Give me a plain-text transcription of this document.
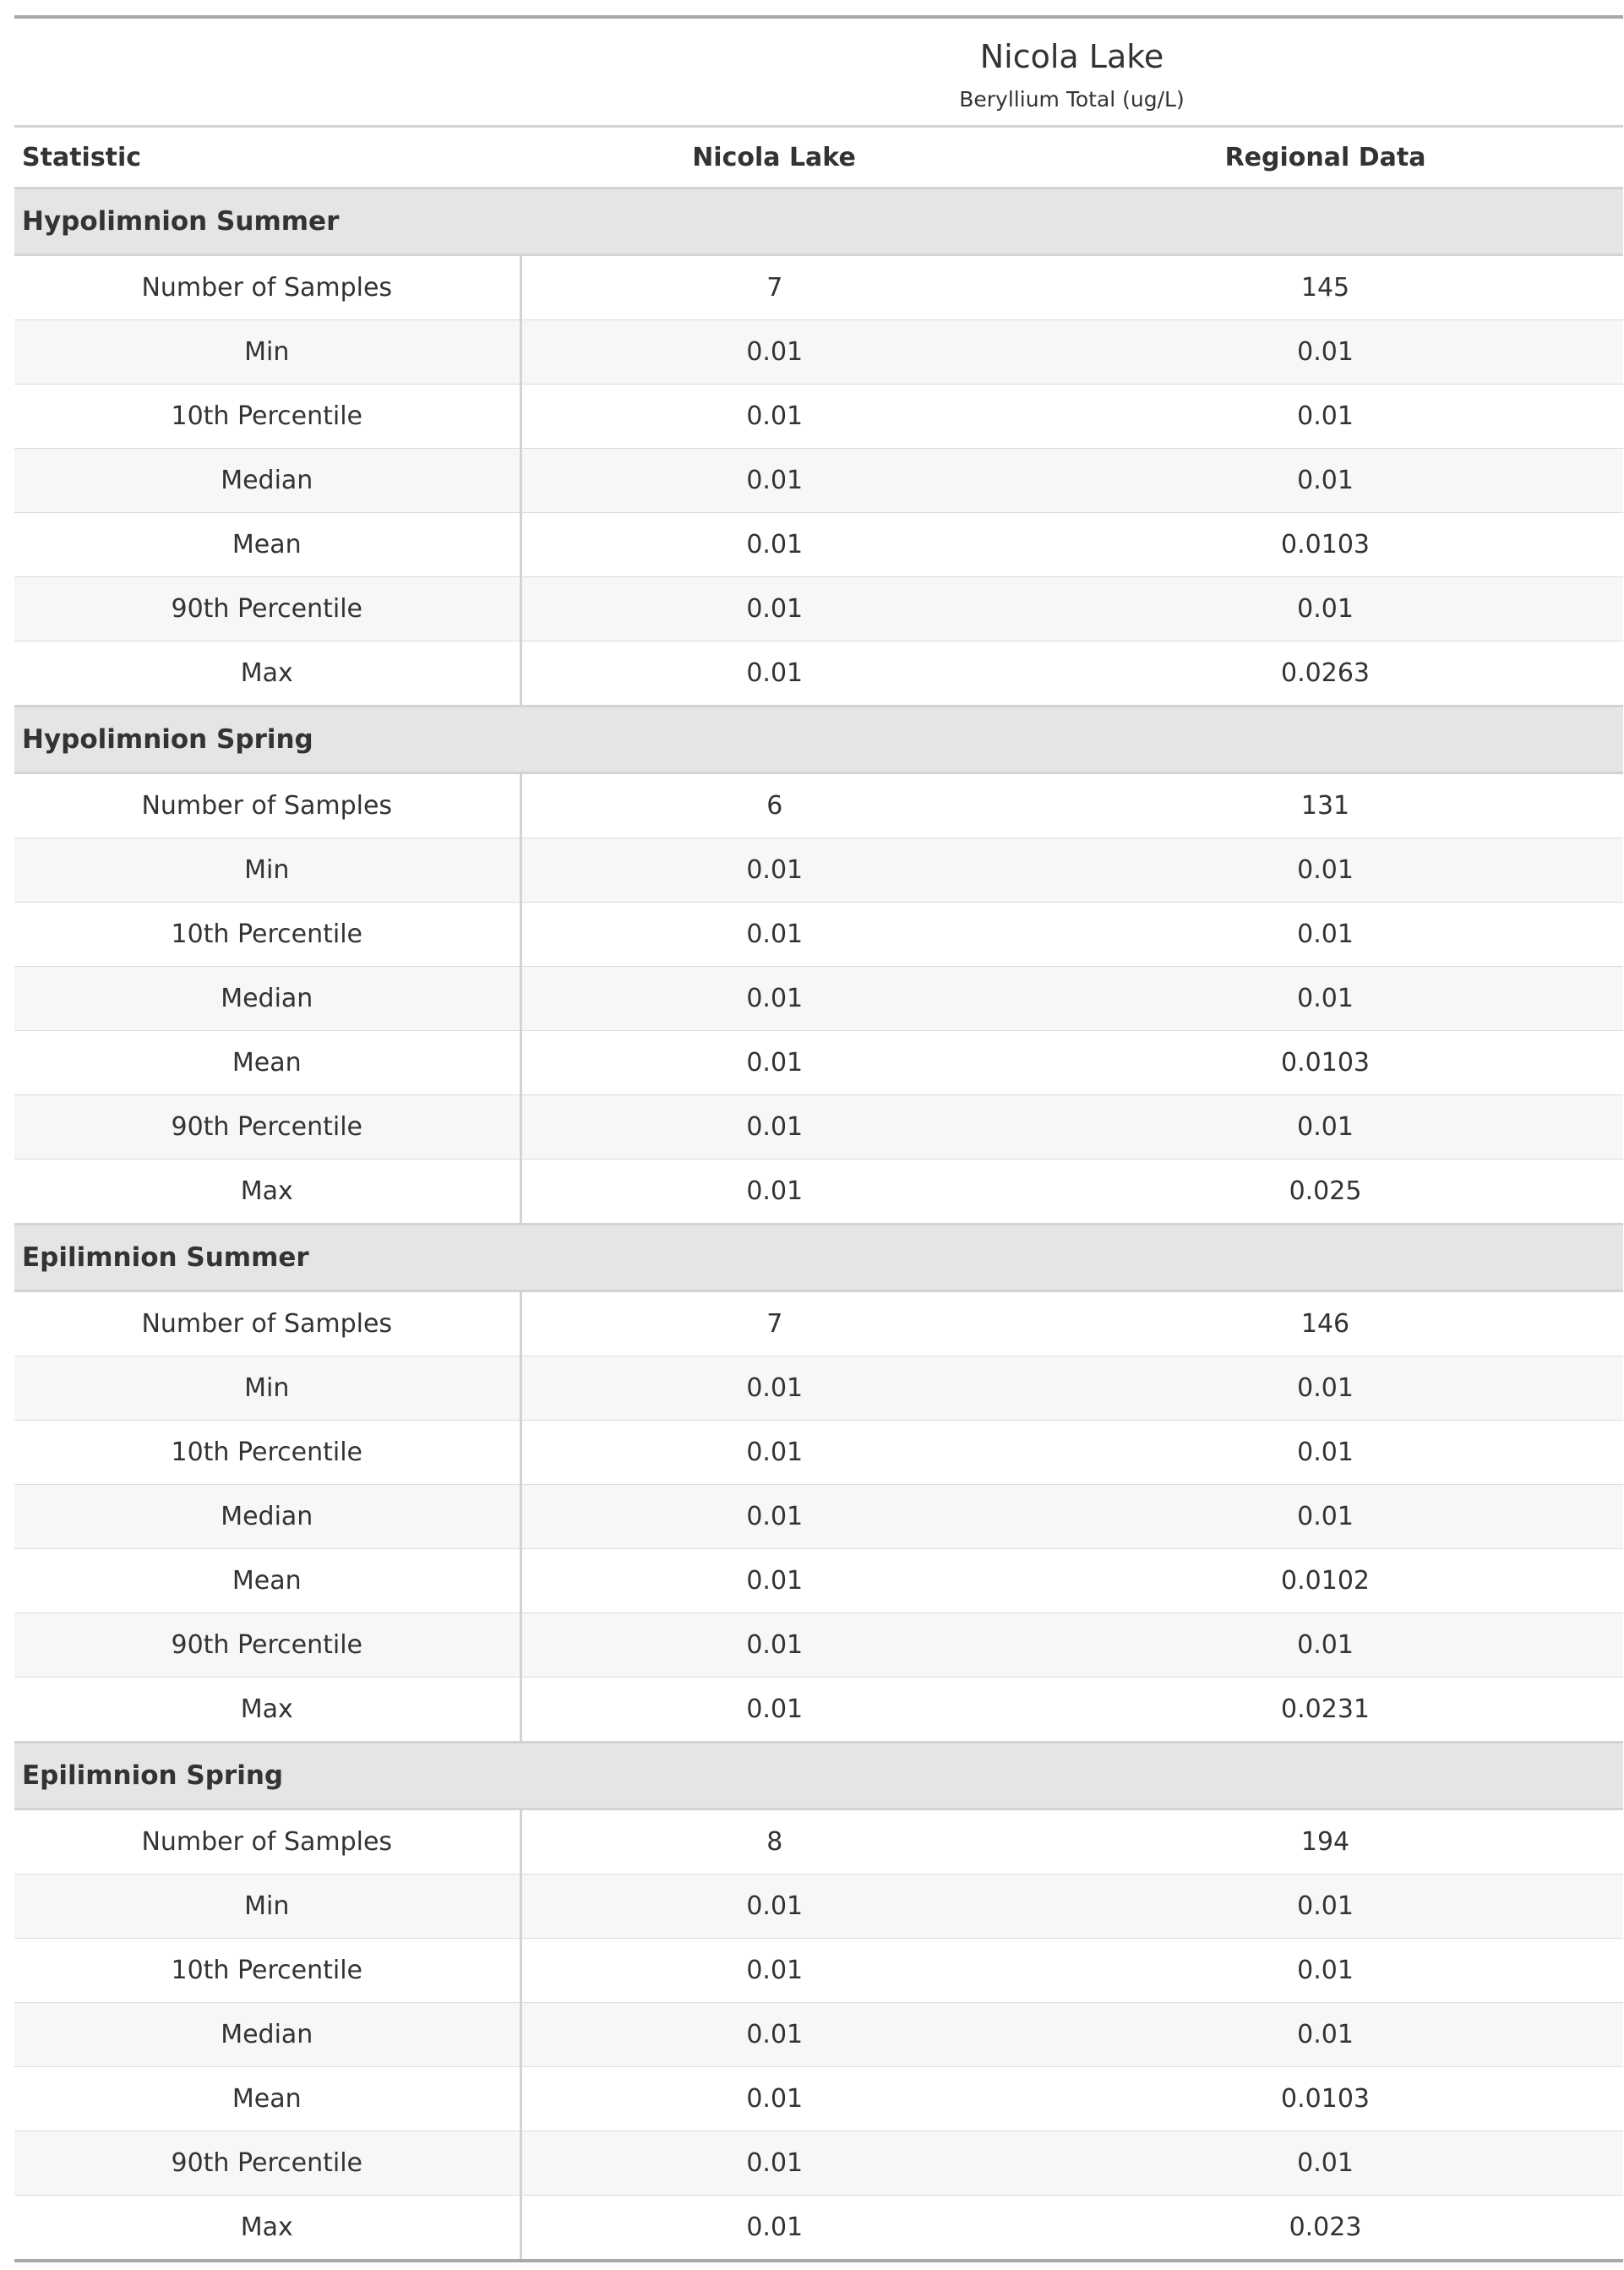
	Nicola Lake	

	Beryllium Total (ug/L)	

Statistic	Nicola Lake	Regional Data
Hypolimnion Summer		
Number of Samples	7	145
Min	0.01	0.01
10th Percentile	0.01	0.01
Median	0.01	0.01
Mean	0.01	0.0103
90th Percentile	0.01	0.01
Max	0.01	0.0263
Hypolimnion Spring		
Number of Samples	6	131
Min	0.01	0.01
10th Percentile	0.01	0.01
Median	0.01	0.01
Mean	0.01	0.0103
90th Percentile	0.01	0.01
Max	0.01	0.025
Epilimnion Summer		
Number of Samples	7	146
Min	0.01	0.01
10th Percentile	0.01	0.01
Median	0.01	0.01
Mean	0.01	0.0102
90th Percentile	0.01	0.01
Max	0.01	0.0231
Epilimnion Spring		
Number of Samples	8	194
Min	0.01	0.01
10th Percentile	0.01	0.01
Median	0.01	0.01
Mean	0.01	0.0103
90th Percentile	0.01	0.01
Max	0.01	0.023
